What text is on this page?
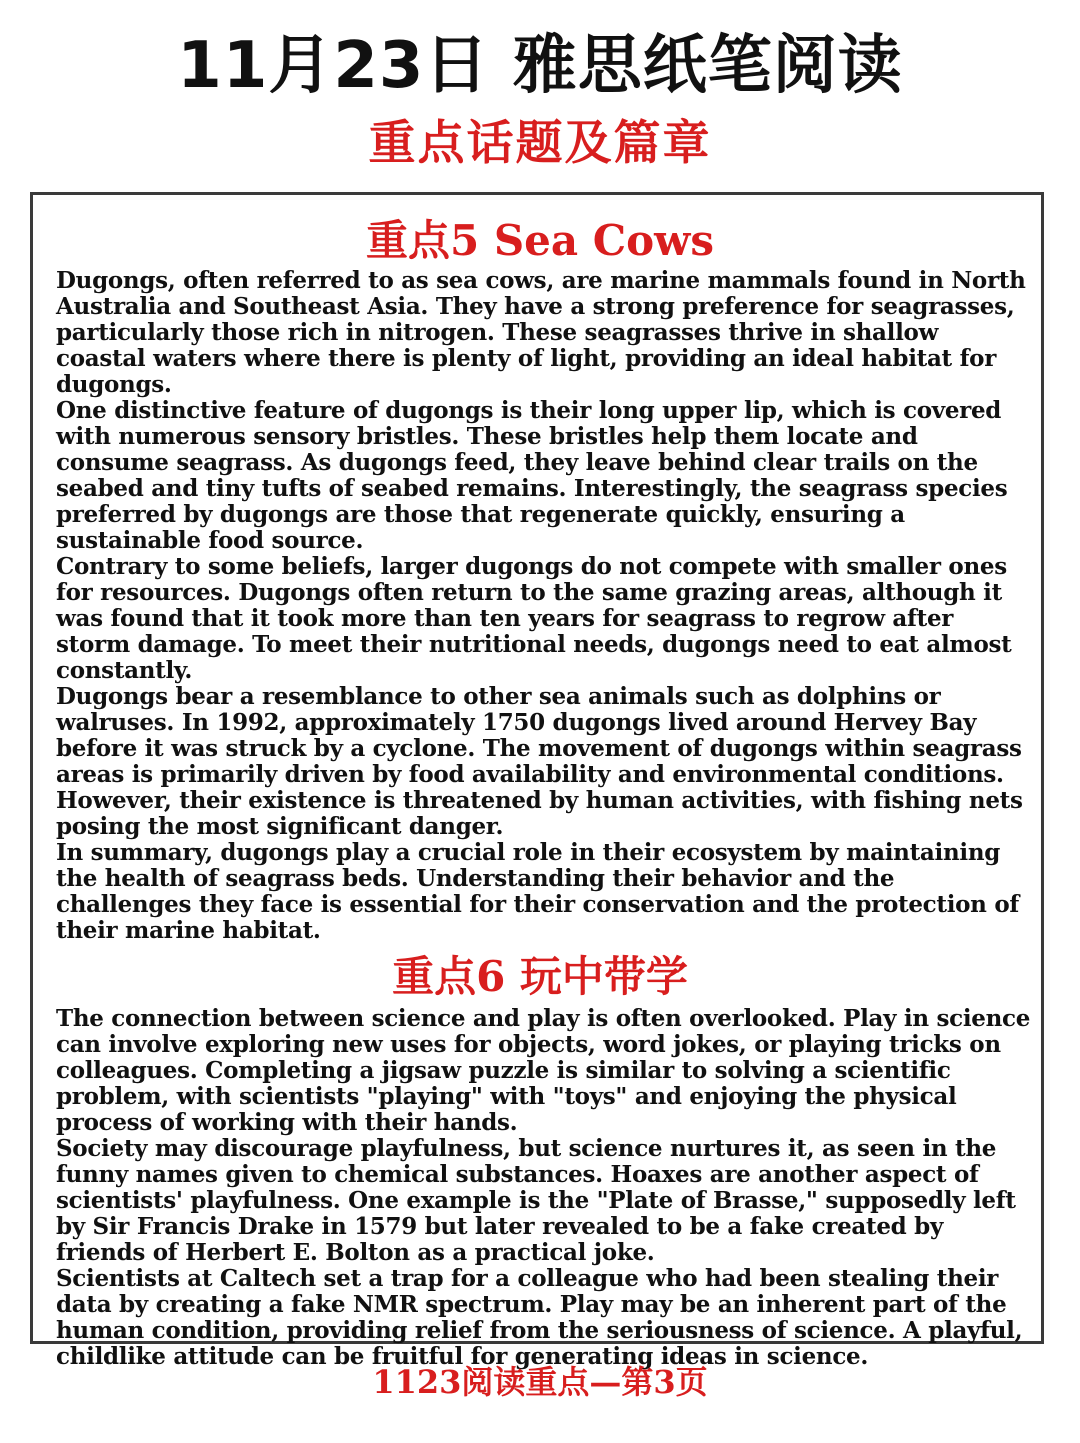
11月23日 雅思纸笔阅读
重点话题及篇章
重点5 Sea Cows

Dugongs, often referred to as sea cows, are marine mammals found in North Australia and Southeast Asia. They have a strong preference for seagrasses, particularly those rich in nitrogen. These seagrasses thrive in shallow coastal waters where there is plenty of light, providing an ideal habitat for dugongs.

One distinctive feature of dugongs is their long upper lip, which is covered with numerous sensory bristles. These bristles help them locate and consume seagrass. As dugongs feed, they leave behind clear trails on the seabed and tiny tufts of seabed remains. Interestingly, the seagrass species preferred by dugongs are those that regenerate quickly, ensuring a sustainable food source.

Contrary to some beliefs, larger dugongs do not compete with smaller ones for resources. Dugongs often return to the same grazing areas, although it was found that it took more than ten years for seagrass to regrow after storm damage. To meet their nutritional needs, dugongs need to eat almost constantly.

Dugongs bear a resemblance to other sea animals such as dolphins or walruses. In 1992, approximately 1750 dugongs lived around Hervey Bay before it was struck by a cyclone. The movement of dugongs within seagrass areas is primarily driven by food availability and environmental conditions. However, their existence is threatened by human activities, with fishing nets posing the most significant danger.

In summary, dugongs play a crucial role in their ecosystem by maintaining the health of seagrass beds. Understanding their behavior and the challenges they face is essential for their conservation and the protection of their marine habitat.

重点6 玩中带学

The connection between science and play is often overlooked. Play in science can involve exploring new uses for objects, word jokes, or playing tricks on colleagues. Completing a jigsaw puzzle is similar to solving a scientific problem, with scientists "playing" with "toys" and enjoying the physical process of working with their hands.

Society may discourage playfulness, but science nurtures it, as seen in the funny names given to chemical substances. Hoaxes are another aspect of scientists' playfulness. One example is the "Plate of Brasse," supposedly left by Sir Francis Drake in 1579 but later revealed to be a fake created by friends of Herbert E. Bolton as a practical joke.

Scientists at Caltech set a trap for a colleague who had been stealing their data by creating a fake NMR spectrum. Play may be an inherent part of the human condition, providing relief from the seriousness of science. A playful, childlike attitude can be fruitful for generating ideas in science.

1123阅读重点—第3页
